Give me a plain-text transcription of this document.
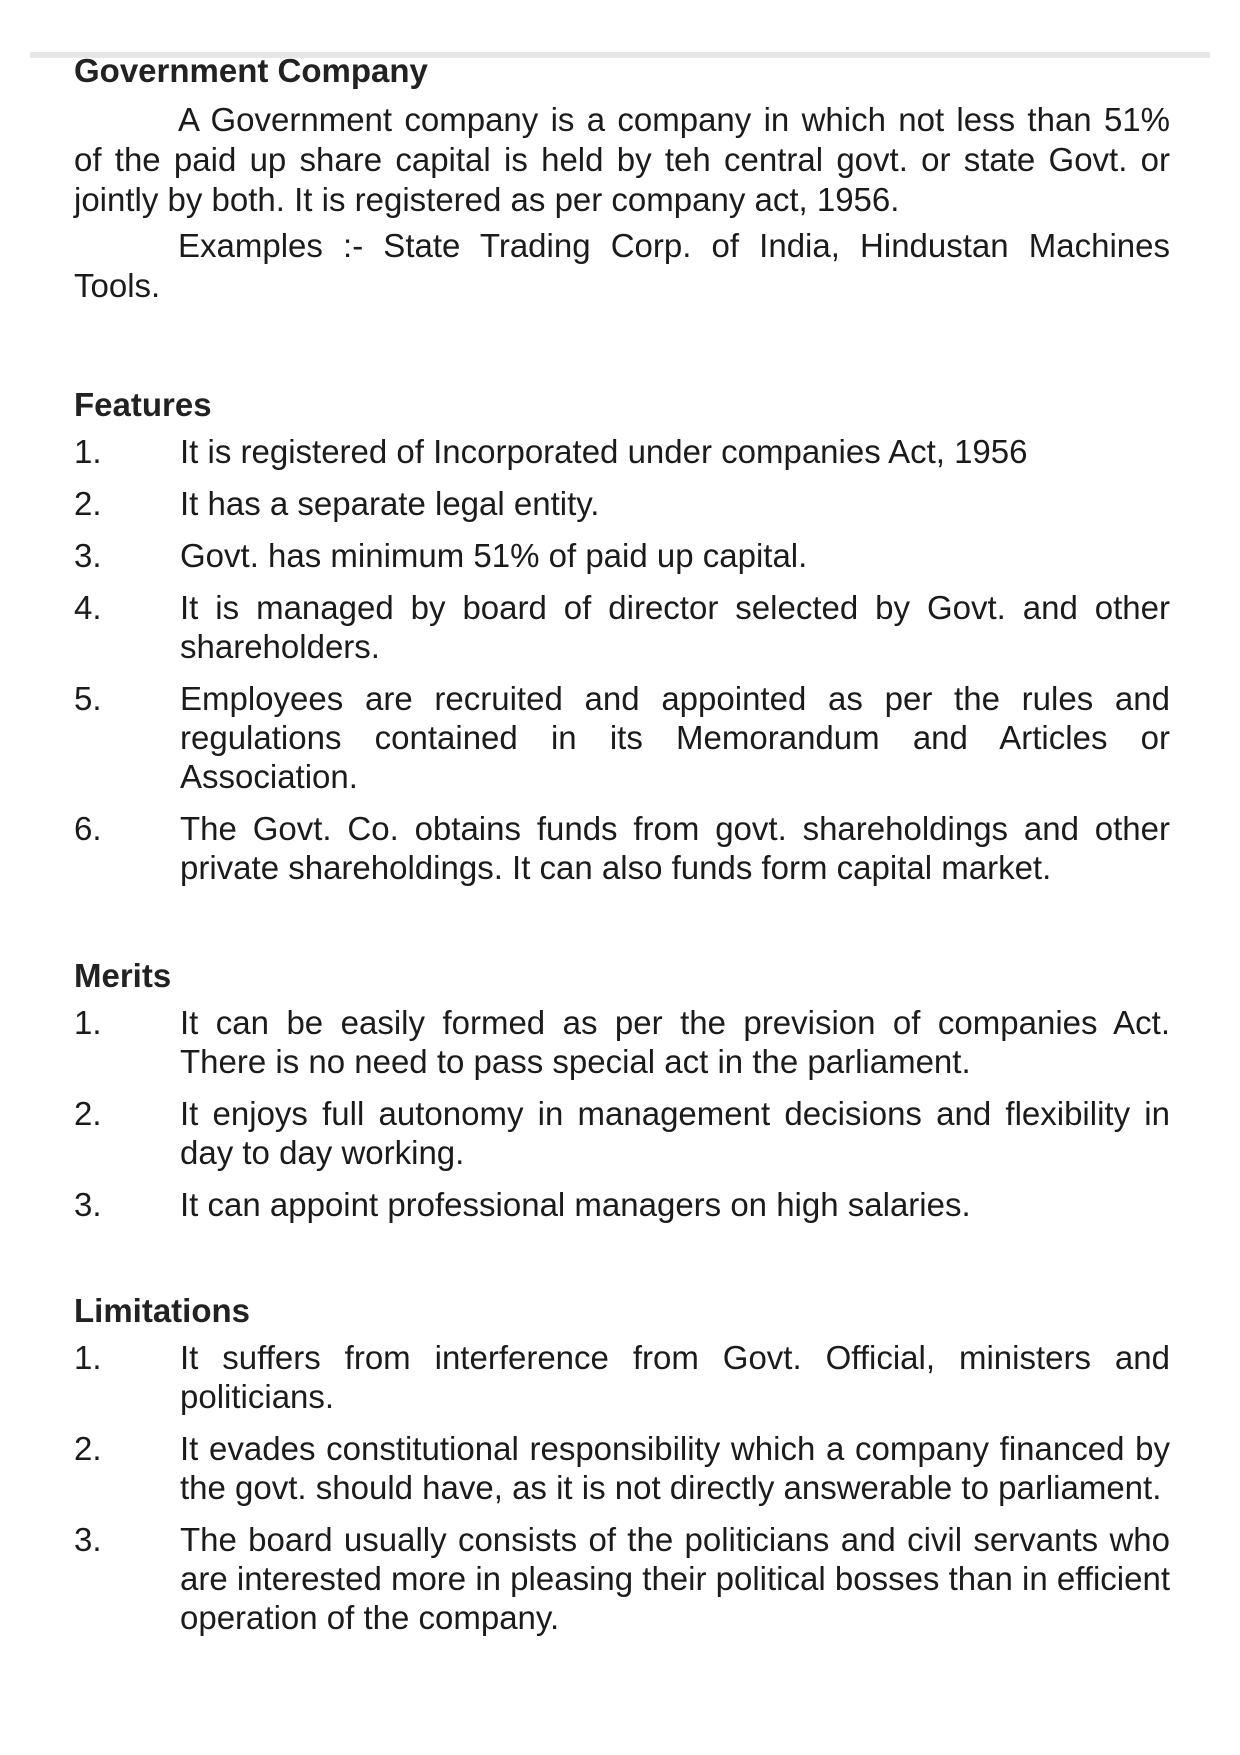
Government Company

A Government company is a company in which not less than 51% of the paid up share capital is held by teh central govt. or state Govt. or jointly by both. It is registered as per company act, 1956.

Examples :- State Trading Corp. of India, Hindustan Machines Tools.

Features
1.	It is registered of Incorporated under companies Act, 1956
2.	It has a separate legal entity.
3.	Govt. has minimum 51% of paid up capital.
4.	It is managed by board of director selected by Govt. and other shareholders.
5.	Employees are recruited and appointed as per the rules and regulations contained in its Memorandum and Articles or Association.
6.	The Govt. Co. obtains funds from govt. shareholdings and other private shareholdings. It can also funds form capital market.
Merits
1.	It can be easily formed as per the prevision of companies Act. There is no need to pass special act in the parliament.
2.	It enjoys full autonomy in management decisions and flexibility in day to day working.
3.	It can appoint professional managers on high salaries.
Limitations
1.	It suffers from interference from Govt. Official, ministers and politicians.
2.	It evades constitutional responsibility which a company financed by the govt. should have, as it is not directly answerable to parliament.
3.	The board usually consists of the politicians and civil servants who are interested more in pleasing their political bosses than in efficient operation of the company.
